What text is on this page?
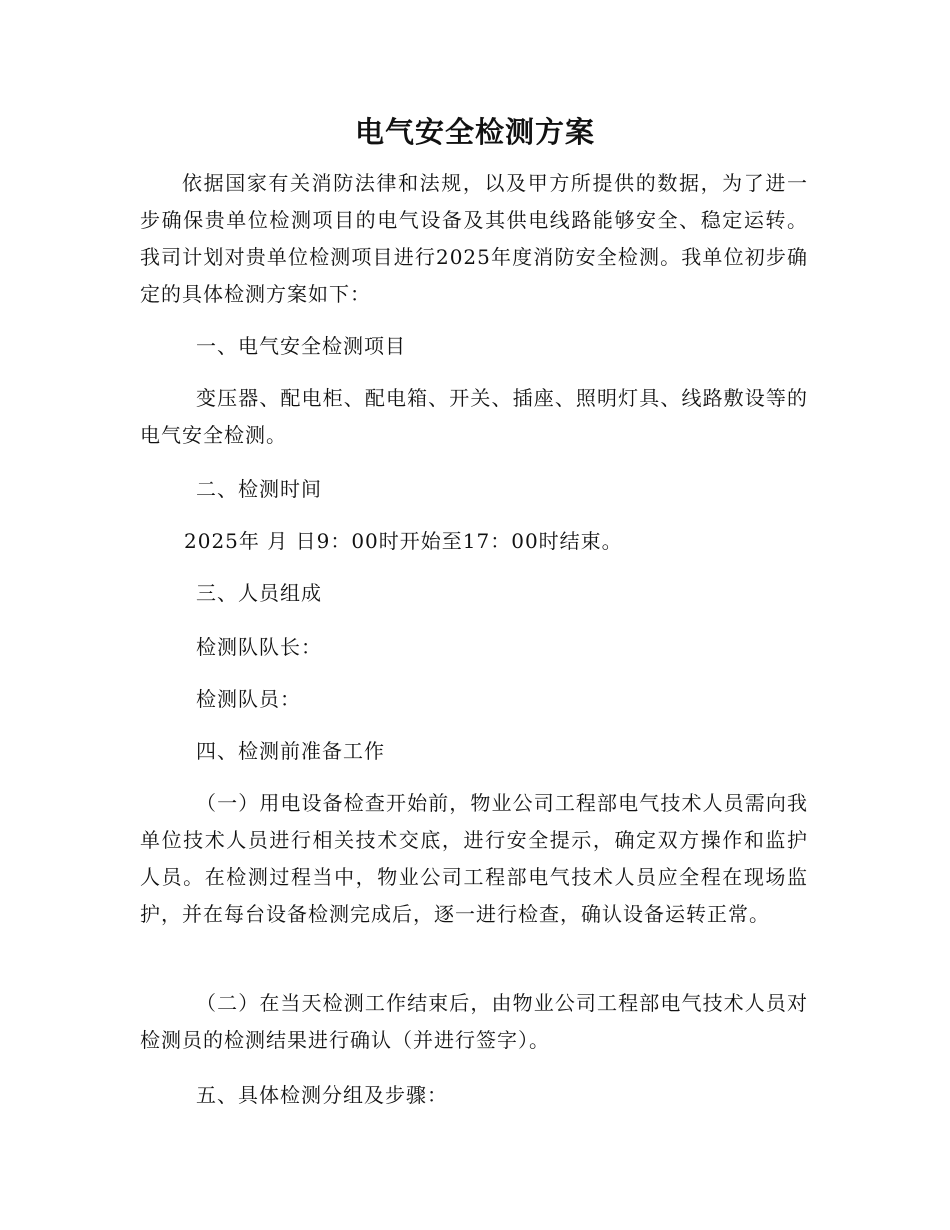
电气安全检测方案

依据国家有关消防法律和法规，以及甲方所提供的数据，为了进一步确保贵单位检测项目的电气设备及其供电线路能够安全、稳定运转。我司计划对贵单位检测项目进行2025年度消防安全检测。我单位初步确定的具体检测方案如下：

一、电气安全检测项目

变压器、配电柜、配电箱、开关、插座、照明灯具、线路敷设等的电气安全检测。

二、检测时间

2025年 月 日9：00时开始至17：00时结束。

三、人员组成

检测队队长：

检测队员：

四、检测前准备工作

（一）用电设备检查开始前，物业公司工程部电气技术人员需向我单位技术人员进行相关技术交底，进行安全提示，确定双方操作和监护人员。在检测过程当中，物业公司工程部电气技术人员应全程在现场监护，并在每台设备检测完成后，逐一进行检查，确认设备运转正常。

（二）在当天检测工作结束后，由物业公司工程部电气技术人员对检测员的检测结果进行确认（并进行签字）。

五、具体检测分组及步骤：
